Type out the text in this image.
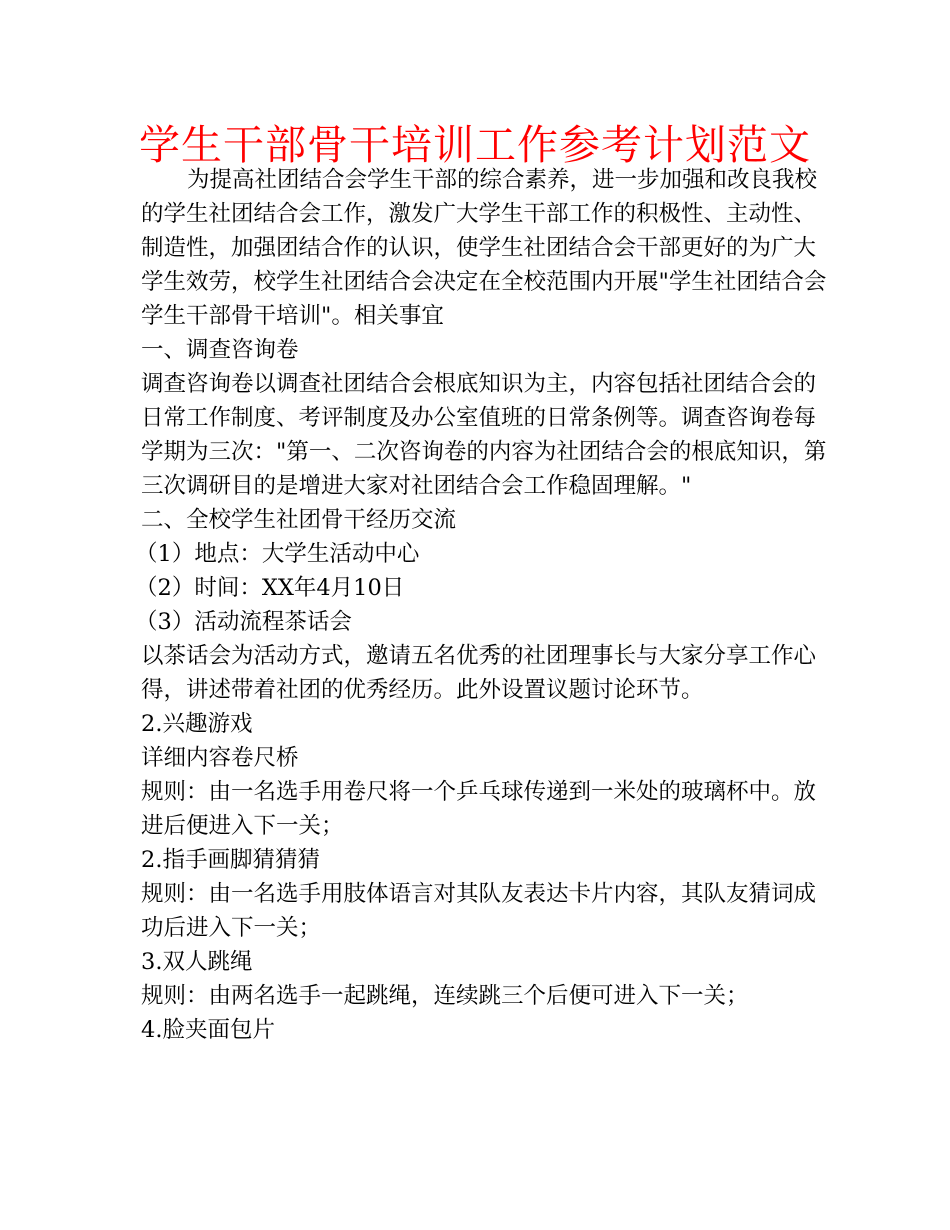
学生干部骨干培训工作参考计划范文
为提高社团结合会学生干部的综合素养，进一步加强和改良我校
的学生社团结合会工作，激发广大学生干部工作的积极性、主动性、
制造性，加强团结合作的认识，使学生社团结合会干部更好的为广大
学生效劳，校学生社团结合会决定在全校范围内开展"学生社团结合会
学生干部骨干培训"。相关事宜
一、调查咨询卷
调查咨询卷以调查社团结合会根底知识为主，内容包括社团结合会的
日常工作制度、考评制度及办公室值班的日常条例等。调查咨询卷每
学期为三次："第一、二次咨询卷的内容为社团结合会的根底知识，第
三次调研目的是增进大家对社团结合会工作稳固理解。"
二、全校学生社团骨干经历交流
（1）地点：大学生活动中心
（2）时间：XX年4月10日
（3）活动流程茶话会
以茶话会为活动方式，邀请五名优秀的社团理事长与大家分享工作心
得，讲述带着社团的优秀经历。此外设置议题讨论环节。
2.兴趣游戏
详细内容卷尺桥
规则：由一名选手用卷尺将一个乒乓球传递到一米处的玻璃杯中。放
进后便进入下一关；
2.指手画脚猜猜猜
规则：由一名选手用肢体语言对其队友表达卡片内容，其队友猜词成
功后进入下一关；
3.双人跳绳
规则：由两名选手一起跳绳，连续跳三个后便可进入下一关；
4.脸夹面包片
